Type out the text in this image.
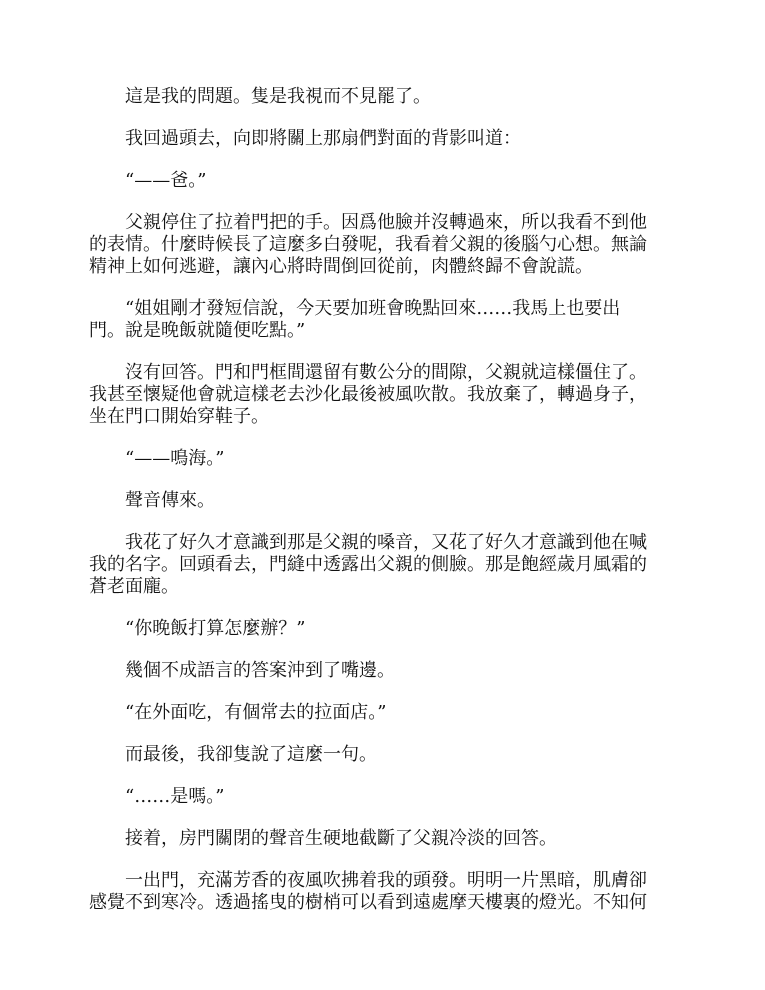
這是我的問題。隻是我視而不見罷了。

我回過頭去，向即將關上那扇們對面的背影叫道：

“——爸。”

父親停住了拉着門把的手。因爲他臉并沒轉過來，所以我看不到他
的表情。什麼時候長了這麼多白發呢，我看着父親的後腦勺心想。無論
精神上如何逃避，讓內心將時間倒回從前，肉體終歸不會說謊。

“姐姐剛才發短信說，今天要加班會晚點回來……我馬上也要出
門。說是晚飯就隨便吃點。”

沒有回答。門和門框間還留有數公分的間隙，父親就這樣僵住了。
我甚至懷疑他會就這樣老去沙化最後被風吹散。我放棄了，轉過身子，
坐在門口開始穿鞋子。

“——鳴海。”

聲音傳來。

我花了好久才意識到那是父親的嗓音，又花了好久才意識到他在喊
我的名字。回頭看去，門縫中透露出父親的側臉。那是飽經歲月風霜的
蒼老面龐。

“你晚飯打算怎麼辦？”

幾個不成語言的答案沖到了嘴邊。

“在外面吃，有個常去的拉面店。”

而最後，我卻隻說了這麼一句。

“……是嗎。”

接着，房門關閉的聲音生硬地截斷了父親冷淡的回答。

一出門，充滿芳香的夜風吹拂着我的頭發。明明一片黑暗，肌膚卻
感覺不到寒冷。透過搖曳的樹梢可以看到遠處摩天樓裏的燈光。不知何
